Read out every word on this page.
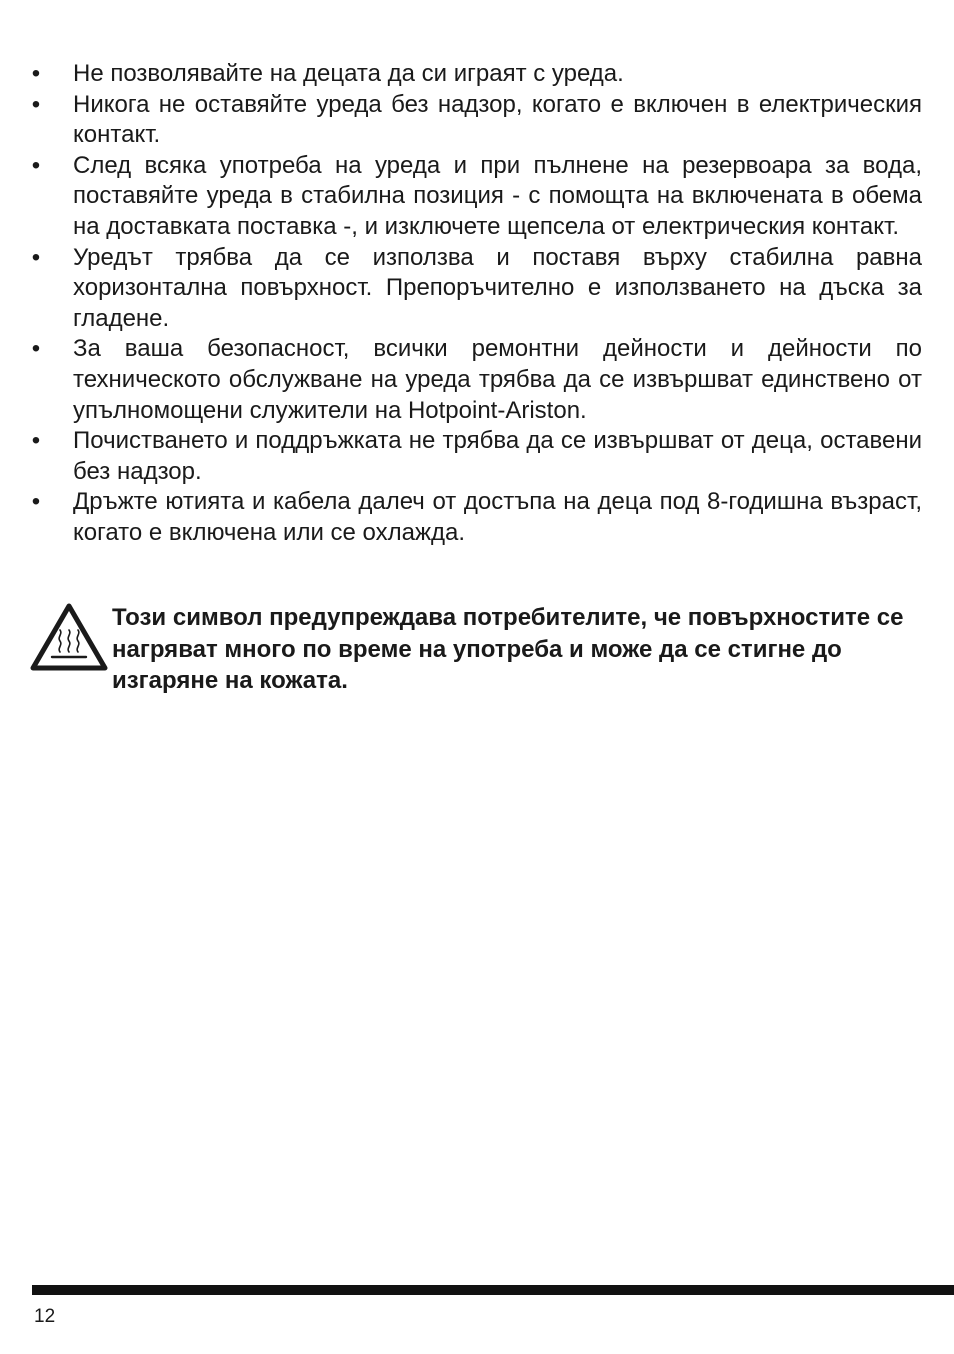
• Не позволявайте на децата да си играят с уреда.
• Никога не оставяйте уреда без надзор, когато е включен в електрическия контакт.
• След всяка употреба на уреда и при пълнене на резервоара за вода, поставяйте уреда в стабилна позиция - с помощта на включената в обема на доставката поставка -, и изключете щепсела от електрическия контакт.
• Уредът трябва да се използва и поставя върху стабилна равна хоризонтална повърхност. Препоръчително е използването на дъска за гладене.
• За ваша безопасност, всички ремонтни дейности и дейности по техническото обслужване на уреда трябва да се извършват единствено от упълномощени служители на Hotpoint-Ariston.
• Почистването и поддръжката не трябва да се извършват от деца, оставени без надзор.
• Дръжте ютията и кабела далеч от достъпа на деца под 8-годишна възраст, когато е включена или се охлажда.
Този символ предупреждава потребителите, че повърхностите се нагряват много по време на употреба и може да се стигне до изгаряне на кожата.
12
